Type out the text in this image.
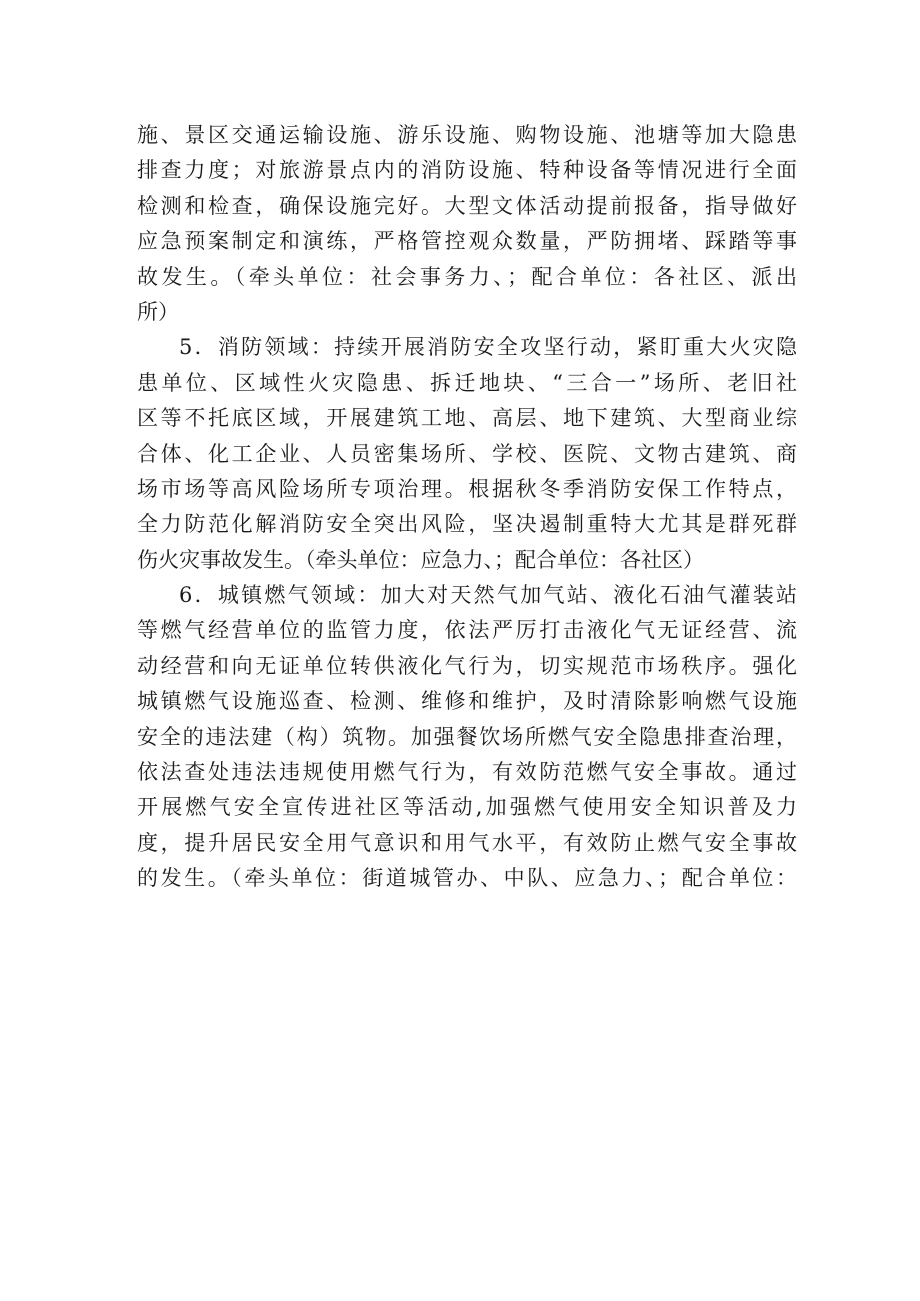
施、景区交通运输设施、游乐设施、购物设施、池塘等加大隐患
排查力度；对旅游景点内的消防设施、特种设备等情况进行全面
检测和检查，确保设施完好。大型文体活动提前报备，指导做好
应急预案制定和演练，严格管控观众数量，严防拥堵、踩踏等事
故发生。（牵头单位：社会事务力、；配合单位：各社区、派出
所）
5．消防领域：持续开展消防安全攻坚行动，紧盯重大火灾隐
患单位、区域性火灾隐患、拆迁地块、“三合一”场所、老旧社
区等不托底区域，开展建筑工地、高层、地下建筑、大型商业综
合体、化工企业、人员密集场所、学校、医院、文物古建筑、商
场市场等高风险场所专项治理。根据秋冬季消防安保工作特点，
全力防范化解消防安全突出风险，坚决遏制重特大尤其是群死群
伤火灾事故发生。（牵头单位：应急力、；配合单位：各社区）
6．城镇燃气领域：加大对天然气加气站、液化石油气灌装站
等燃气经营单位的监管力度，依法严厉打击液化气无证经营、流
动经营和向无证单位转供液化气行为，切实规范市场秩序。强化
城镇燃气设施巡查、检测、维修和维护，及时清除影响燃气设施
安全的违法建（构）筑物。加强餐饮场所燃气安全隐患排查治理，
依法查处违法违规使用燃气行为，有效防范燃气安全事故。通过
开展燃气安全宣传进社区等活动,加强燃气使用安全知识普及力
度，提升居民安全用气意识和用气水平，有效防止燃气安全事故
的发生。（牵头单位：街道城管办、中队、应急力、；配合单位：
